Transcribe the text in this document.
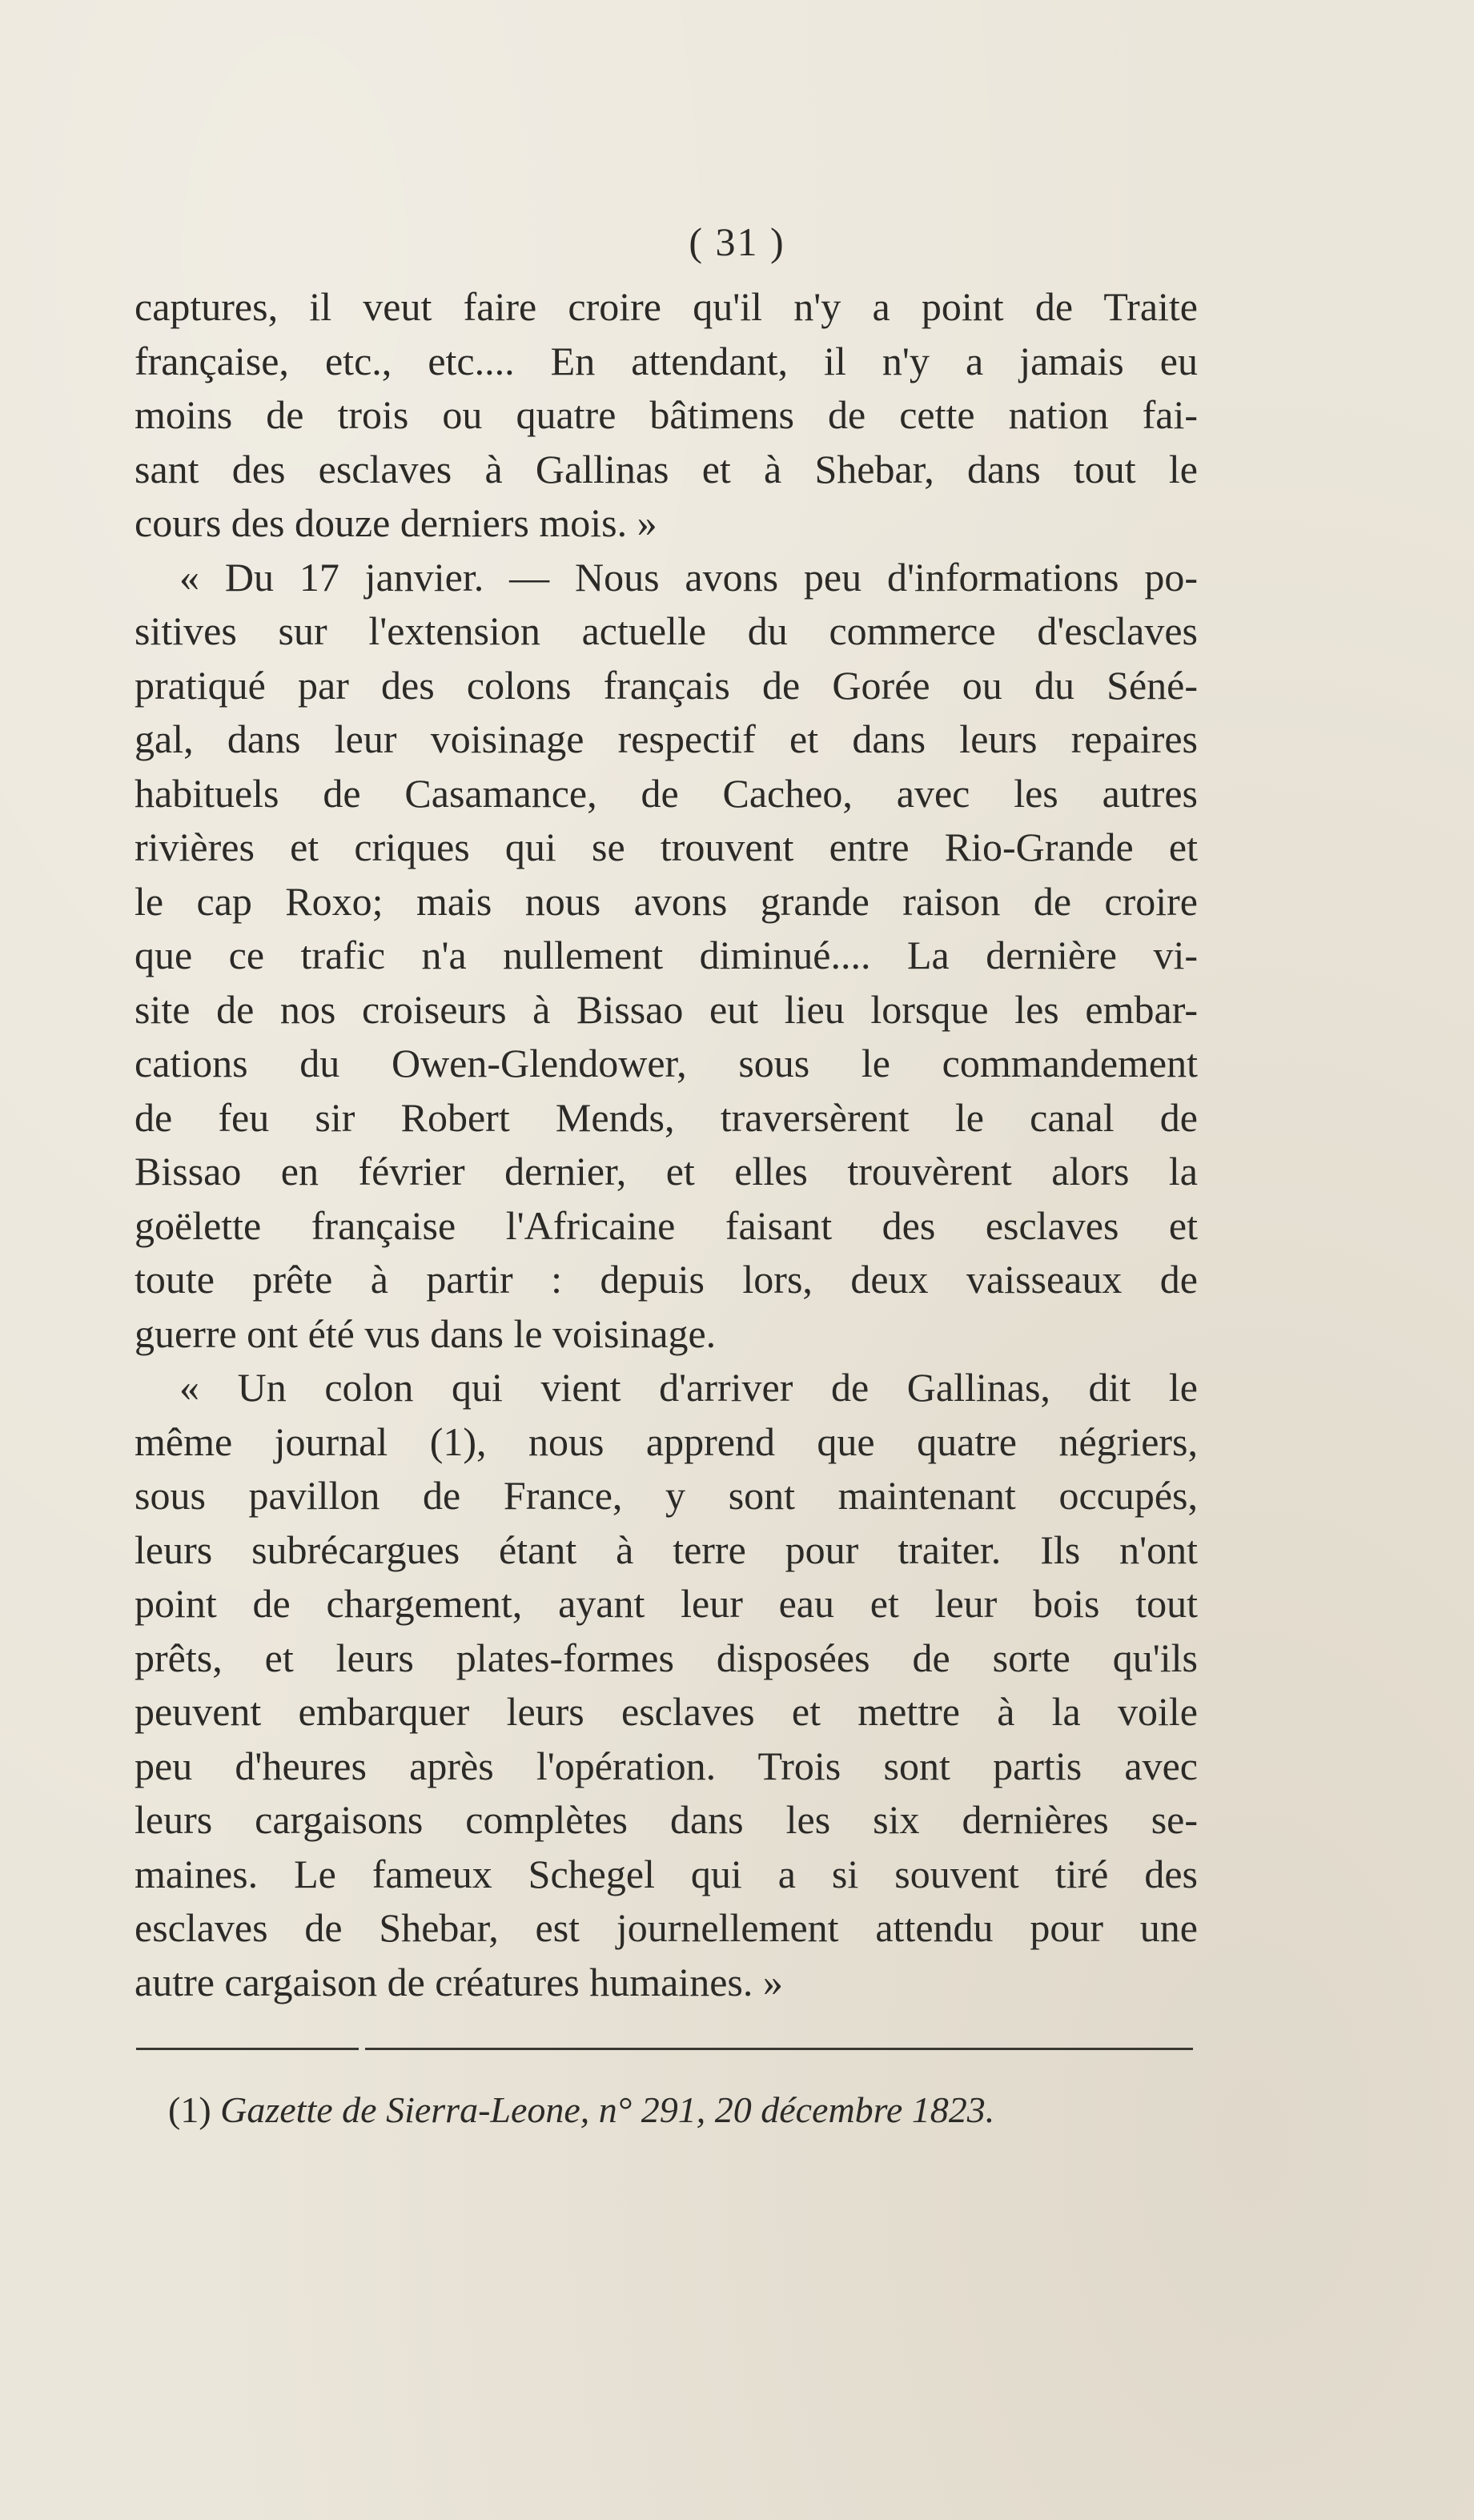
( 31 )
captures, il veut faire croire qu'il n'y a point de Traite
française, etc., etc.... En attendant, il n'y a jamais eu
moins de trois ou quatre bâtimens de cette nation fai-
sant des esclaves à Gallinas et à Shebar, dans tout le
cours des douze derniers mois. »
« Du 17 janvier. — Nous avons peu d'informations po-
sitives sur l'extension actuelle du commerce d'esclaves
pratiqué par des colons français de Gorée ou du Séné-
gal, dans leur voisinage respectif et dans leurs repaires
habituels de Casamance, de Cacheo, avec les autres
rivières et criques qui se trouvent entre Rio-Grande et
le cap Roxo; mais nous avons grande raison de croire
que ce trafic n'a nullement diminué.... La dernière vi-
site de nos croiseurs à Bissao eut lieu lorsque les embar-
cations du Owen-Glendower, sous le commandement
de feu sir Robert Mends, traversèrent le canal de
Bissao en février dernier, et elles trouvèrent alors la
goëlette française l'Africaine faisant des esclaves et
toute prête à partir : depuis lors, deux vaisseaux de
guerre ont été vus dans le voisinage.
« Un colon qui vient d'arriver de Gallinas, dit le
même journal (1), nous apprend que quatre négriers,
sous pavillon de France, y sont maintenant occupés,
leurs subrécargues étant à terre pour traiter. Ils n'ont
point de chargement, ayant leur eau et leur bois tout
prêts, et leurs plates-formes disposées de sorte qu'ils
peuvent embarquer leurs esclaves et mettre à la voile
peu d'heures après l'opération. Trois sont partis avec
leurs cargaisons complètes dans les six dernières se-
maines. Le fameux Schegel qui a si souvent tiré des
esclaves de Shebar, est journellement attendu pour une
autre cargaison de créatures humaines. »
(1) Gazette de Sierra-Leone, n° 291, 20 décembre 1823.
